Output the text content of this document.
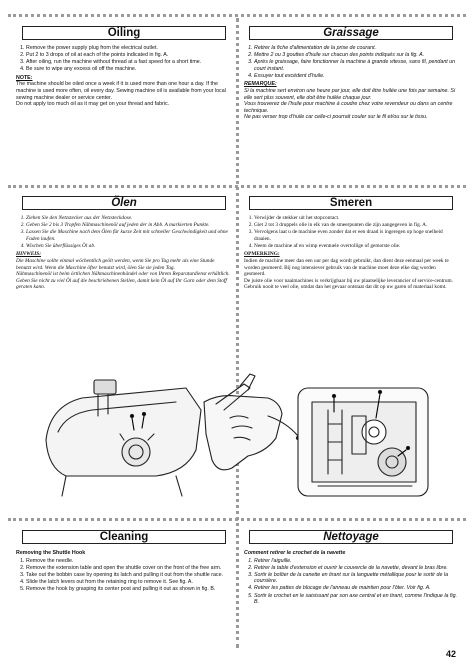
Oiling
1. Remove the power supply plug from the electrical outlet.
2. Put 2 to 3 drops of oil at each of the points indicated in fig. A.
3. After oiling, run the machine without thread at a fast speed for a short time.
4. Be sure to wipe any excess oil off the machine.
NOTE:

The machine should be oiled once a week if it is used more than one hour a day. If the machine is used more often, oil every day. Sewing machine oil is available from your local sewing machine dealer or service center.
Do not apply too much oil as it may get on your thread and fabric.

Graissage
1. Retirer la fiche d'alimentation de la prise de courant.
2. Mettre 2 ou 3 gouttes d'huile sur chacun des points indiqués sur la fig. A.
3. Après le graissage, faire fonctionner la machine à grande vitesse, sans fil, pendant un court instant.
4. Essuyer tout excédent d'huile.
REMARQUE:

Si la machine sert environ une heure par jour, elle doit être huilée une fois par semaine. Si elle sert plus souvent, elle doit être huilée chaque jour.
Vous trouverez de l'huile pour machine à coudre chez votre revendeur ou dans un centre technique.
Ne pas verser trop d'huile car celle-ci pourrait couler sur le fil et/ou sur le tissu.

Ölen
1. Ziehen Sie den Netzstecker aus der Netzsteckdose.
2. Geben Sie 2 bis 3 Tropfen Nähmaschinenöl auf jeden der in Abb. A markierten Punkte.
3. Lassen Sie die Maschine nach dem Ölen für kurze Zeit mit schneller Geschwindigkeit und ohne Faden laufen.
4. Wischen Sie überflüssiges Öl ab.
HINWEIS:

Die Maschine sollte einmal wöchentlich geölt werden, wenn Sie pro Tag mehr als eine Stunde benutzt wird. Wenn die Maschine öfter benutzt wird, ölen Sie sie jeden Tag.
Nähmaschinenöl ist beim örtlichen Nähmaschinenhändel oder von Ihrem Reparaturdienst erhältlich.
Geben Sie nicht zu viel Öl auf die beschriebenen Stellen, damit kein Öl auf Ihr Garn oder dem Stoff geraten kann.

Smeren
1. Verwijder de stekker uit het stopcontact.
2. Giet 2 tot 3 druppels olie in elk van de smeerpunten die zijn aangegeven in fig. A.
3. Vervolgens laat u de machine even zonder dat er een draad is ingeregen op hoge snelheid draaien.
4. Neem de machine af en wimp eventuele overtollige of gemorste olie.
OPMERKING:

Indien de machine meer dan een uur per dag wordt gebruikt, dan dient deze eenmaal per week te worden gesmeerd. Bij nog intensiever gebruik van de machine moet deze elke dag worden gesmeerd.
De juiste olie voor naaimachines is verkrijgbaar bij uw plaatselijke leverancier of service-centrum.
Gebruik nooit te veel olie, omdat dan het gevaar ontstaat dat dit op uw garen of materiaal komt.

Cleaning
Removing the Shuttle Hook
1. Remove the needle.
2. Remove the extension table and open the shuttle cover on the front of the free arm.
3. Take out the bobbin case by opening its latch and pulling it out from the shuttle race.
4. Slide the latch levers out from the retaining ring to remove it. See fig. A.
5. Remove the hook by grasping its center post and pulling it out as shown in fig. B.
Nettoyage
Comment retirer le crochet de la navette
1. Retirer l'aiguille.
2. Retirer la table d'extension et ouvrir le couvercle de la navette, devant le bras libre.
3. Sortir le boîtier de la canette en tirant sur la languette métallique pour le sortir de la coursière.
4. Retirer les pattes de blocage de l'anneau de maintien pour l'ôter. Voir fig. A.
5. Sortir le crochet en le saisissant par son axe central et en tirant, comme l'indique la fig. B.
42
